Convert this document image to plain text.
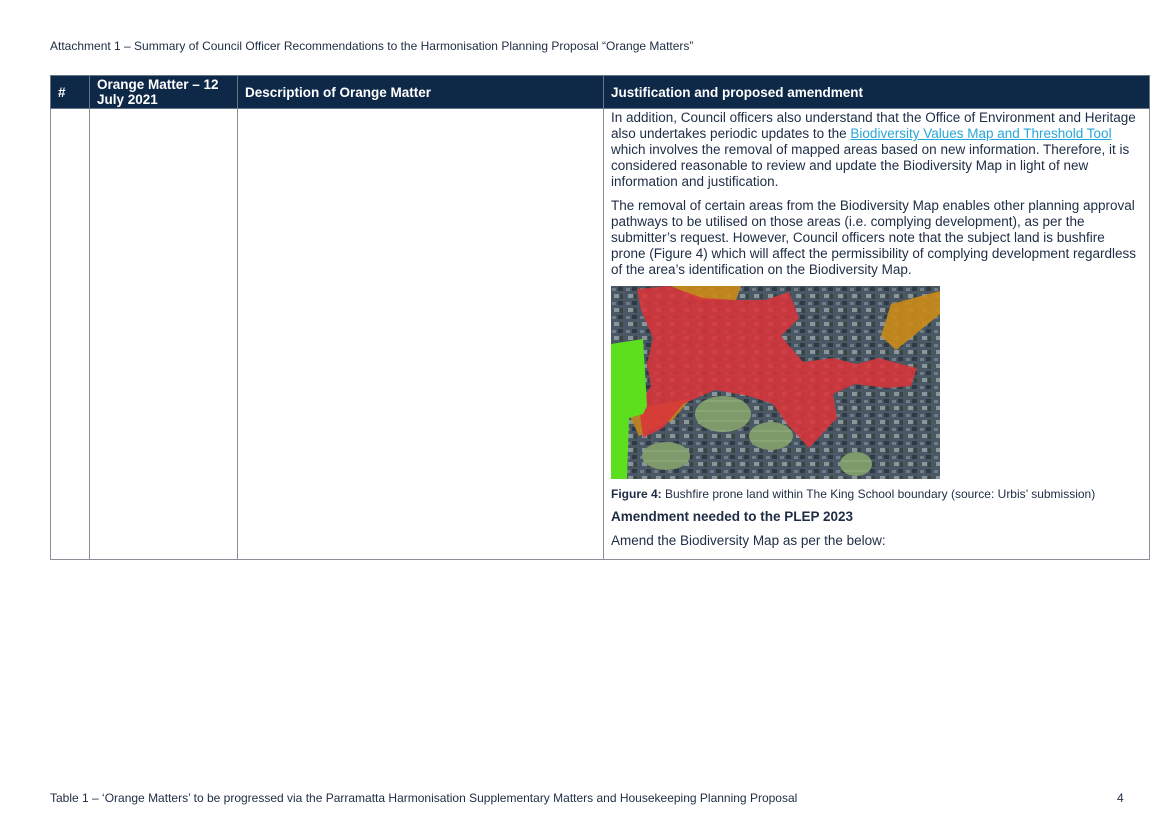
Attachment 1 – Summary of Council Officer Recommendations to the Harmonisation Planning Proposal “Orange Matters”
#	Orange Matter – 12 July 2021	Description of Orange Matter	Justification and proposed amendment

			In addition, Council officers also understand that the Office of Environment and Heritage also undertakes periodic updates to the Biodiversity Values Map and Threshold Tool which involves the removal of mapped areas based on new information. Therefore, it is considered reasonable to review and update the Biodiversity Map in light of new information and justification.

The removal of certain areas from the Biodiversity Map enables other planning approval pathways to be utilised on those areas (i.e. complying development), as per the submitter’s request. However, Council officers note that the subject land is bushfire prone (Figure 4) which will affect the permissibility of complying development regardless of the area’s identification on the Biodiversity Map.

Figure 4: Bushfire prone land within The King School boundary (source: Urbis’ submission)

Amendment needed to the PLEP 2023

Amend the Biodiversity Map as per the below:

Table 1 – ‘Orange Matters’ to be progressed via the Parramatta Harmonisation Supplementary Matters and Housekeeping Planning Proposal	4
